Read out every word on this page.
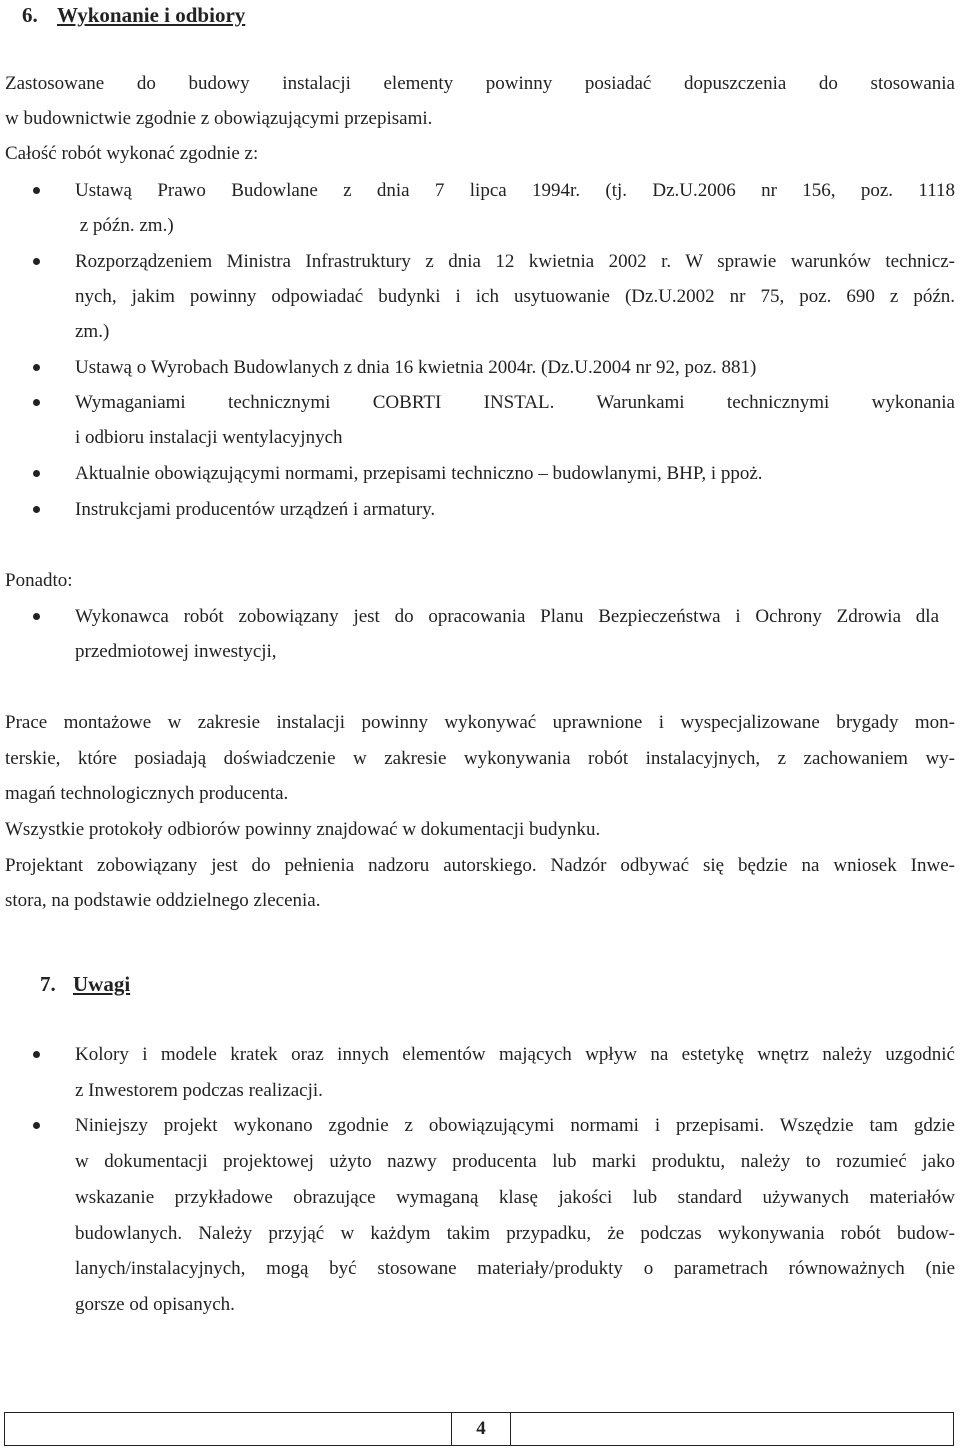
6. Wykonanie i odbiory
Zastosowane do budowy instalacji elementy powinny posiadać dopuszczenia do stosowania
w budownictwie zgodnie z obowiązującymi przepisami.
Całość robót wykonać zgodnie z:
Ustawą Prawo Budowlane z dnia 7 lipca 1994r. (tj. Dz.U.2006 nr 156, poz. 1118
z późn. zm.)
Rozporządzeniem Ministra Infrastruktury z dnia 12 kwietnia 2002 r. W sprawie warunków technicz-
nych, jakim powinny odpowiadać budynki i ich usytuowanie (Dz.U.2002 nr 75, poz. 690 z późn.
zm.)
Ustawą o Wyrobach Budowlanych z dnia 16 kwietnia 2004r. (Dz.U.2004 nr 92, poz. 881)
Wymaganiami technicznymi COBRTI INSTAL. Warunkami technicznymi wykonania
i odbioru instalacji wentylacyjnych
Aktualnie obowiązującymi normami, przepisami techniczno – budowlanymi, BHP, i ppoż.
Instrukcjami producentów urządzeń i armatury.
Ponadto:
Wykonawca robót zobowiązany jest do opracowania Planu Bezpieczeństwa i Ochrony Zdrowia dla
przedmiotowej inwestycji,
Prace montażowe w zakresie instalacji powinny wykonywać uprawnione i wyspecjalizowane brygady mon-
terskie, które posiadają doświadczenie w zakresie wykonywania robót instalacyjnych, z zachowaniem wy-
magań technologicznych producenta.
Wszystkie protokoły odbiorów powinny znajdować w dokumentacji budynku.
Projektant zobowiązany jest do pełnienia nadzoru autorskiego. Nadzór odbywać się będzie na wniosek Inwe-
stora, na podstawie oddzielnego zlecenia.
7. Uwagi
Kolory i modele kratek oraz innych elementów mających wpływ na estetykę wnętrz należy uzgodnić
z Inwestorem podczas realizacji.
Niniejszy projekt wykonano zgodnie z obowiązującymi normami i przepisami. Wszędzie tam gdzie
w dokumentacji projektowej użyto nazwy producenta lub marki produktu, należy to rozumieć jako
wskazanie przykładowe obrazujące wymaganą klasę jakości lub standard używanych materiałów
budowlanych. Należy przyjąć w każdym takim przypadku, że podczas wykonywania robót budow-
lanych/instalacyjnych, mogą być stosowane materiały/produkty o parametrach równoważnych (nie
gorsze od opisanych.
4
